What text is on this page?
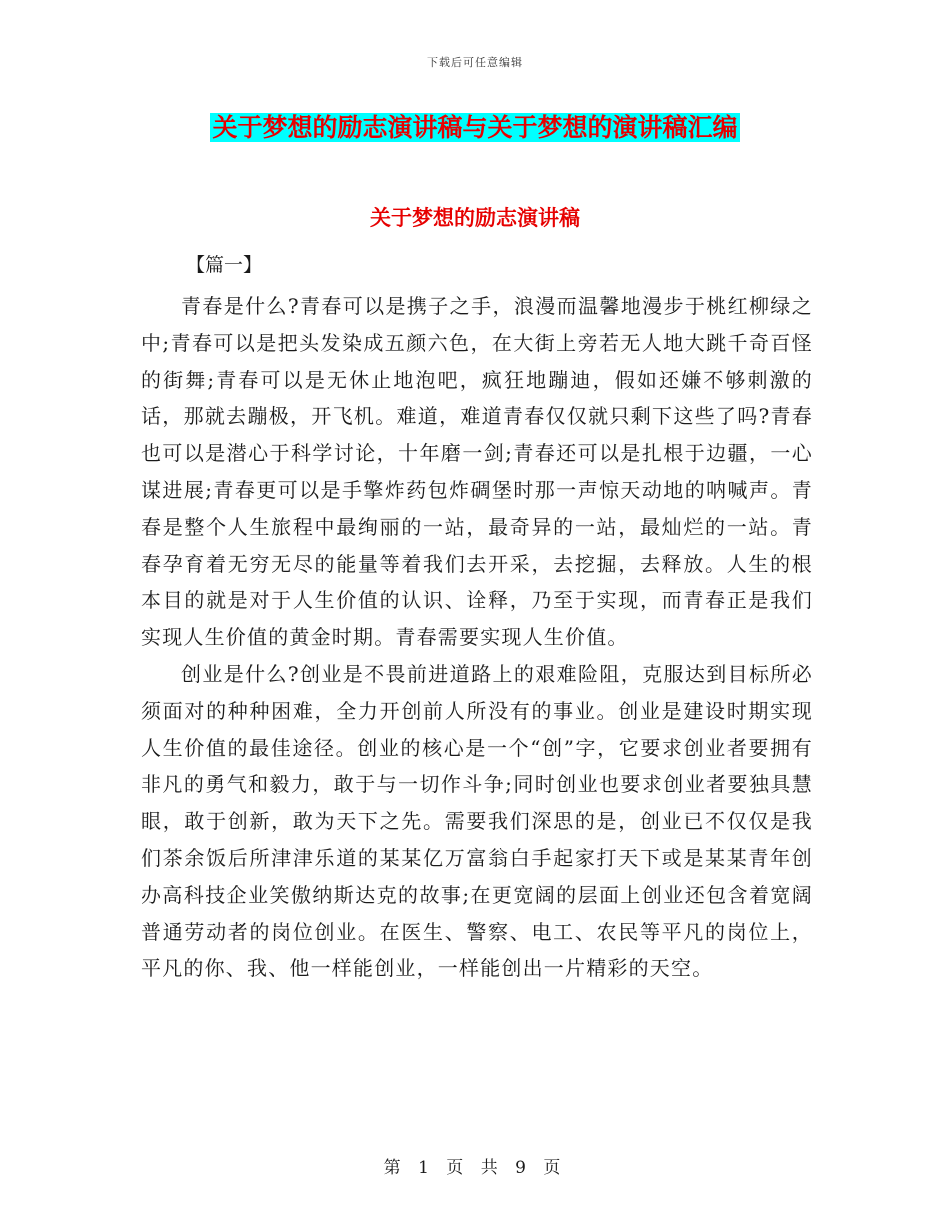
下载后可任意编辑
关于梦想的励志演讲稿与关于梦想的演讲稿汇编
关于梦想的励志演讲稿
【篇一】

青春是什么?青春可以是携子之手，浪漫而温馨地漫步于桃红柳绿之中;青春可以是把头发染成五颜六色，在大街上旁若无人地大跳千奇百怪的街舞;青春可以是无休止地泡吧，疯狂地蹦迪，假如还嫌不够刺激的话，那就去蹦极，开飞机。难道，难道青春仅仅就只剩下这些了吗?青春也可以是潜心于科学讨论，十年磨一剑;青春还可以是扎根于边疆，一心谋进展;青春更可以是手擎炸药包炸碉堡时那一声惊天动地的呐喊声。青春是整个人生旅程中最绚丽的一站，最奇异的一站，最灿烂的一站。青春孕育着无穷无尽的能量等着我们去开采，去挖掘，去释放。人生的根本目的就是对于人生价值的认识、诠释，乃至于实现，而青春正是我们实现人生价值的黄金时期。青春需要实现人生价值。

创业是什么?创业是不畏前进道路上的艰难险阻，克服达到目标所必须面对的种种困难，全力开创前人所没有的事业。创业是建设时期实现人生价值的最佳途径。创业的核心是一个“创”字，它要求创业者要拥有非凡的勇气和毅力，敢于与一切作斗争;同时创业也要求创业者要独具慧眼，敢于创新，敢为天下之先。需要我们深思的是，创业已不仅仅是我们茶余饭后所津津乐道的某某亿万富翁白手起家打天下或是某某青年创办高科技企业笑傲纳斯达克的故事;在更宽阔的层面上创业还包含着宽阔普通劳动者的岗位创业。在医生、警察、电工、农民等平凡的岗位上，平凡的你、我、他一样能创业，一样能创出一片精彩的天空。

第 1 页 共 9 页
